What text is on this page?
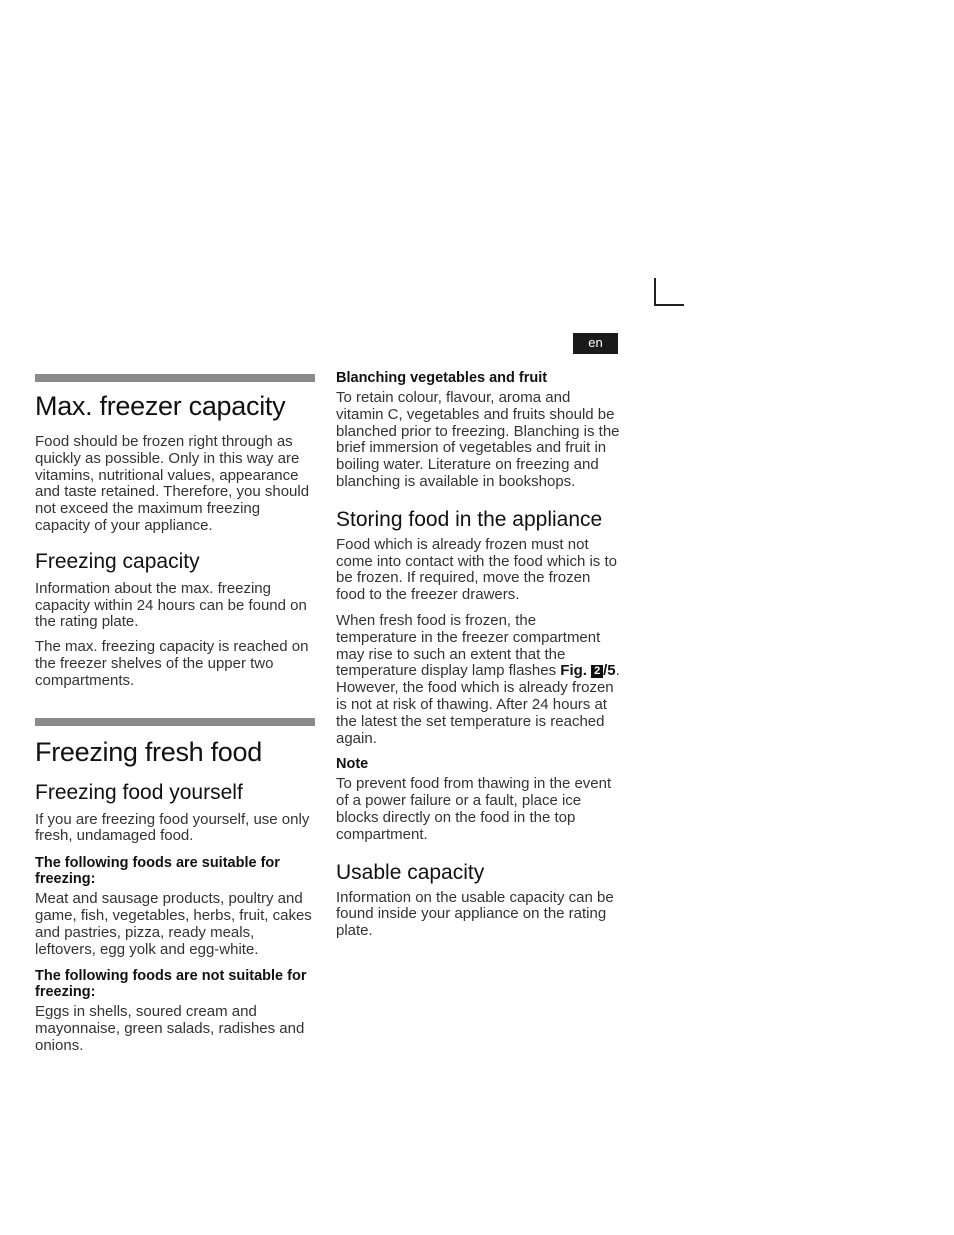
en
Max. freezer capacity

Food should be frozen right through as quickly as possible. Only in this way are vitamins, nutritional values, appearance and taste retained. Therefore, you should not exceed the maximum freezing capacity of your appliance.

Freezing capacity

Information about the max. freezing capacity within 24 hours can be found on the rating plate.

The max. freezing capacity is reached on the freezer shelves of the upper two compartments.

Freezing fresh food
Freezing food yourself

If you are freezing food yourself, use only fresh, undamaged food.

The following foods are suitable for freezing:

Meat and sausage products, poultry and game, fish, vegetables, herbs, fruit, cakes and pastries, pizza, ready meals, leftovers, egg yolk and egg-white.

The following foods are not suitable for freezing:

Eggs in shells, soured cream and mayonnaise, green salads, radishes and onions.

Blanching vegetables and fruit

To retain colour, flavour, aroma and vitamin C, vegetables and fruits should be blanched prior to freezing. Blanching is the brief immersion of vegetables and fruit in boiling water. Literature on freezing and blanching is available in bookshops.

Storing food in the appliance

Food which is already frozen must not come into contact with the food which is to be frozen. If required, move the frozen food to the freezer drawers.

When fresh food is frozen, the temperature in the freezer compartment may rise to such an extent that the temperature display lamp flashes Fig. 2 /5. However, the food which is already frozen is not at risk of thawing. After 24 hours at the latest the set temperature is reached again.

Note

To prevent food from thawing in the event of a power failure or a fault, place ice blocks directly on the food in the top compartment.

Usable capacity

Information on the usable capacity can be found inside your appliance on the rating plate.
